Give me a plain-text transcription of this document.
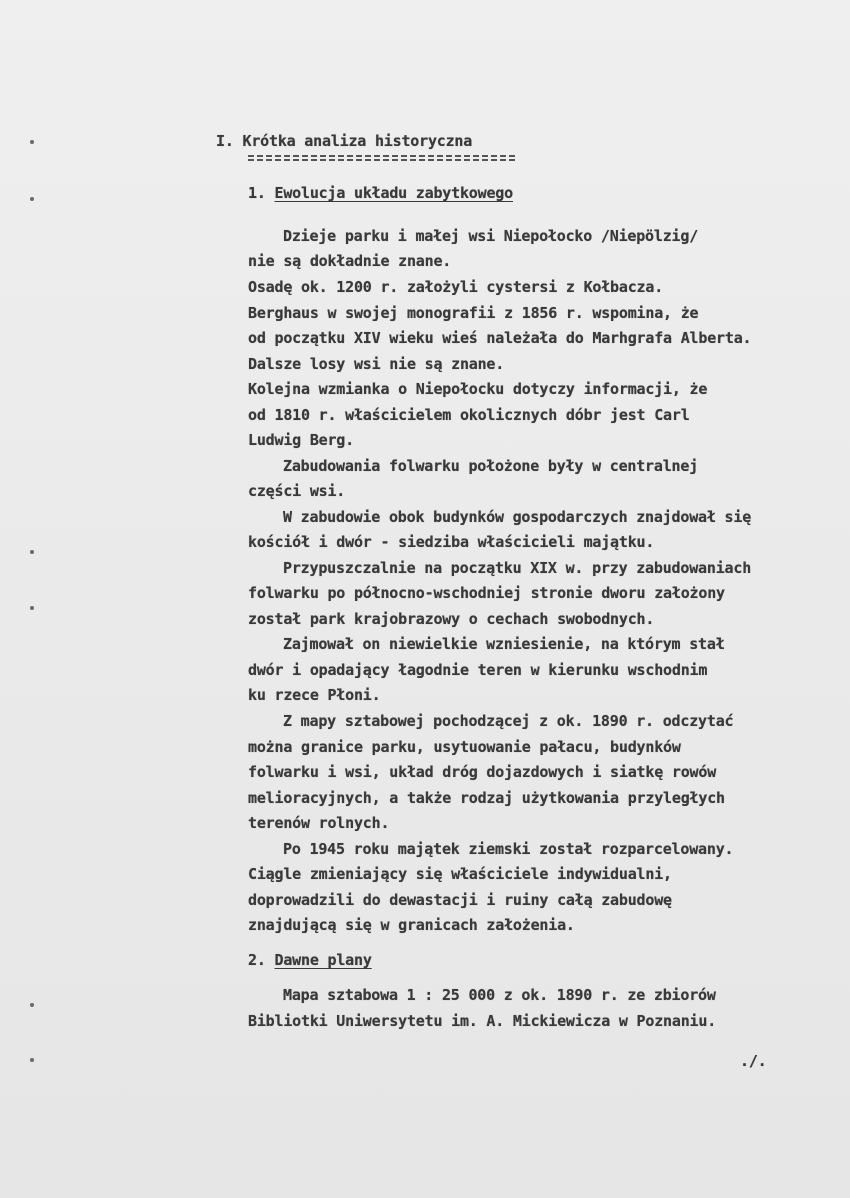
I. Krótka analiza historyczna
1. Ewolucja układu zabytkowego
Dzieje parku i małej wsi Niepołocko /Niepölzig/
nie są dokładnie znane.
Osadę ok. 1200 r. założyli cystersi z Kołbacza.
Berghaus w swojej monografii z 1856 r. wspomina, że
od początku XIV wieku wieś należała do Marhgrafa Alberta.
Dalsze losy wsi nie są znane.
Kolejna wzmianka o Niepołocku dotyczy informacji, że
od 1810 r. właścicielem okolicznych dóbr jest Carl
Ludwig Berg.
Zabudowania folwarku położone były w centralnej
części wsi.
W zabudowie obok budynków gospodarczych znajdował się
kościół i dwór - siedziba właścicieli majątku.
Przypuszczalnie na początku XIX w. przy zabudowaniach
folwarku po północno-wschodniej stronie dworu założony
został park krajobrazowy o cechach swobodnych.
Zajmował on niewielkie wzniesienie, na którym stał
dwór i opadający łagodnie teren w kierunku wschodnim
ku rzece Płoni.
Z mapy sztabowej pochodzącej z ok. 1890 r. odczytać
można granice parku, usytuowanie pałacu, budynków
folwarku i wsi, układ dróg dojazdowych i siatkę rowów
melioracyjnych, a także rodzaj użytkowania przyległych
terenów rolnych.
Po 1945 roku majątek ziemski został rozparcelowany.
Ciągle zmieniający się właściciele indywidualni,
doprowadzili do dewastacji i ruiny całą zabudowę
znajdującą się w granicach założenia.
2. Dawne plany
Mapa sztabowa 1 : 25 000 z ok. 1890 r. ze zbiorów
Bibliotki Uniwersytetu im. A. Mickiewicza w Poznaniu.
./.
